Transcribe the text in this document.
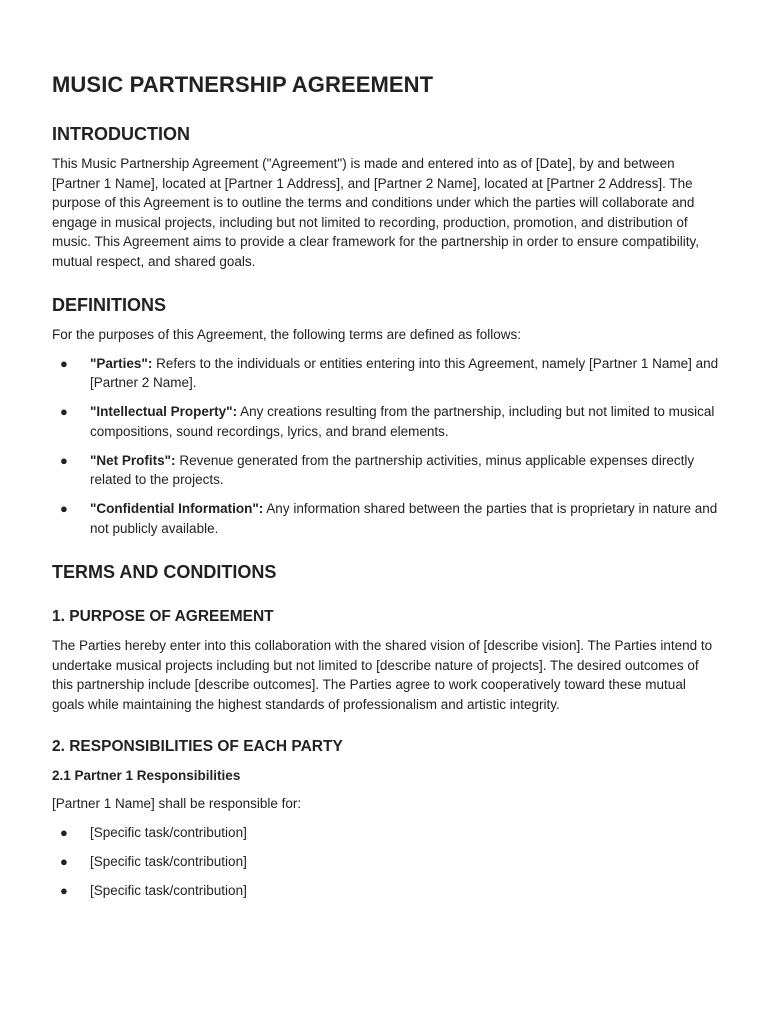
MUSIC PARTNERSHIP AGREEMENT
INTRODUCTION

This Music Partnership Agreement ("Agreement") is made and entered into as of [Date], by and between [Partner 1 Name], located at [Partner 1 Address], and [Partner 2 Name], located at [Partner 2 Address]. The purpose of this Agreement is to outline the terms and conditions under which the parties will collaborate and engage in musical projects, including but not limited to recording, production, promotion, and distribution of music. This Agreement aims to provide a clear framework for the partnership in order to ensure compatibility, mutual respect, and shared goals.

DEFINITIONS

For the purposes of this Agreement, the following terms are defined as follows:

● "Parties": Refers to the individuals or entities entering into this Agreement, namely [Partner 1 Name] and [Partner 2 Name].
● "Intellectual Property": Any creations resulting from the partnership, including but not limited to musical compositions, sound recordings, lyrics, and brand elements.
● "Net Profits": Revenue generated from the partnership activities, minus applicable expenses directly related to the projects.
● "Confidential Information": Any information shared between the parties that is proprietary in nature and not publicly available.
TERMS AND CONDITIONS
1. PURPOSE OF AGREEMENT

The Parties hereby enter into this collaboration with the shared vision of [describe vision]. The Parties intend to undertake musical projects including but not limited to [describe nature of projects]. The desired outcomes of this partnership include [describe outcomes]. The Parties agree to work cooperatively toward these mutual goals while maintaining the highest standards of professionalism and artistic integrity.

2. RESPONSIBILITIES OF EACH PARTY
2.1 Partner 1 Responsibilities

[Partner 1 Name] shall be responsible for:

● [Specific task/contribution]
● [Specific task/contribution]
● [Specific task/contribution]
